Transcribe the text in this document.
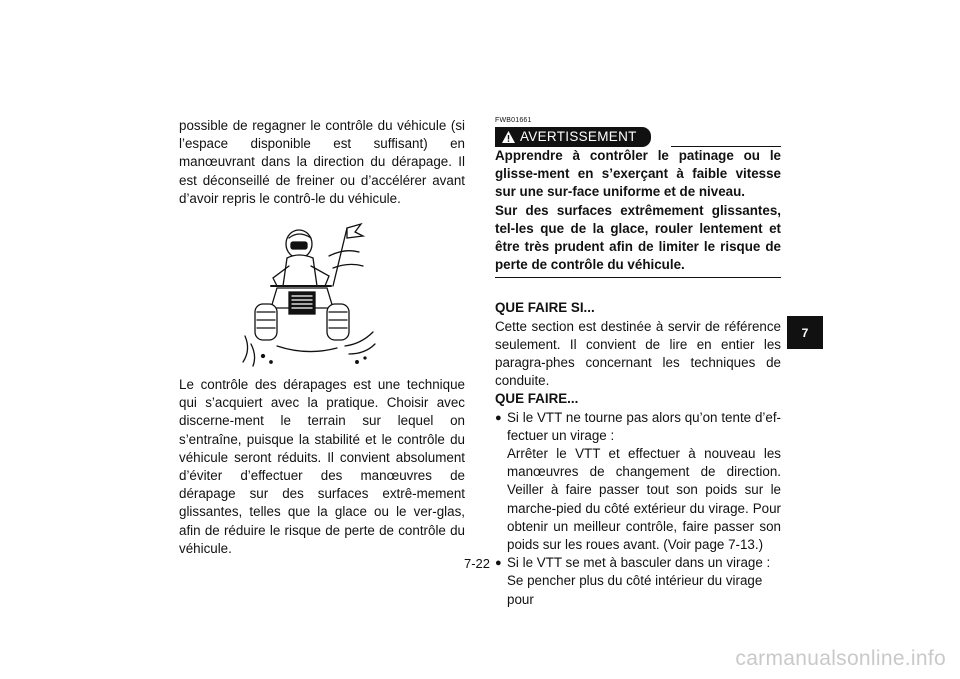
possible de regagner le contrôle du véhicule (si l’espace disponible est suffisant) en manœuvrant dans la direction du dérapage. Il est déconseillé de freiner ou d’accélérer avant d’avoir repris le contrô-le du véhicule.

Le contrôle des dérapages est une technique qui s’acquiert avec la pratique. Choisir avec discerne-ment le terrain sur lequel on s’entraîne, puisque la stabilité et le contrôle du véhicule seront réduits. Il convient absolument d’éviter d’effectuer des manœuvres de dérapage sur des surfaces extrê-mement glissantes, telles que la glace ou le ver-glas, afin de réduire le risque de perte de contrôle du véhicule.

FWB01661
AVERTISSEMENT

Apprendre à contrôler le patinage ou le glisse-ment en s’exerçant à faible vitesse sur une sur-face uniforme et de niveau.

Sur des surfaces extrêmement glissantes, tel-les que de la glace, rouler lentement et être très prudent afin de limiter le risque de perte de contrôle du véhicule.

QUE FAIRE SI...

Cette section est destinée à servir de référence seulement. Il convient de lire en entier les paragra-phes concernant les techniques de conduite.

QUE FAIRE...

● Si le VTT ne tourne pas alors qu’on tente d’ef-fectuer un virage :

Arrêter le VTT et effectuer à nouveau les manœuvres de changement de direction. Veiller à faire passer tout son poids sur le marche-pied du côté extérieur du virage. Pour obtenir un meilleur contrôle, faire passer son poids sur les roues avant. (Voir page 7-13.)

● Si le VTT se met à basculer dans un virage :

Se pencher plus du côté intérieur du virage pour

7
7-22
carmanualsonline.info
